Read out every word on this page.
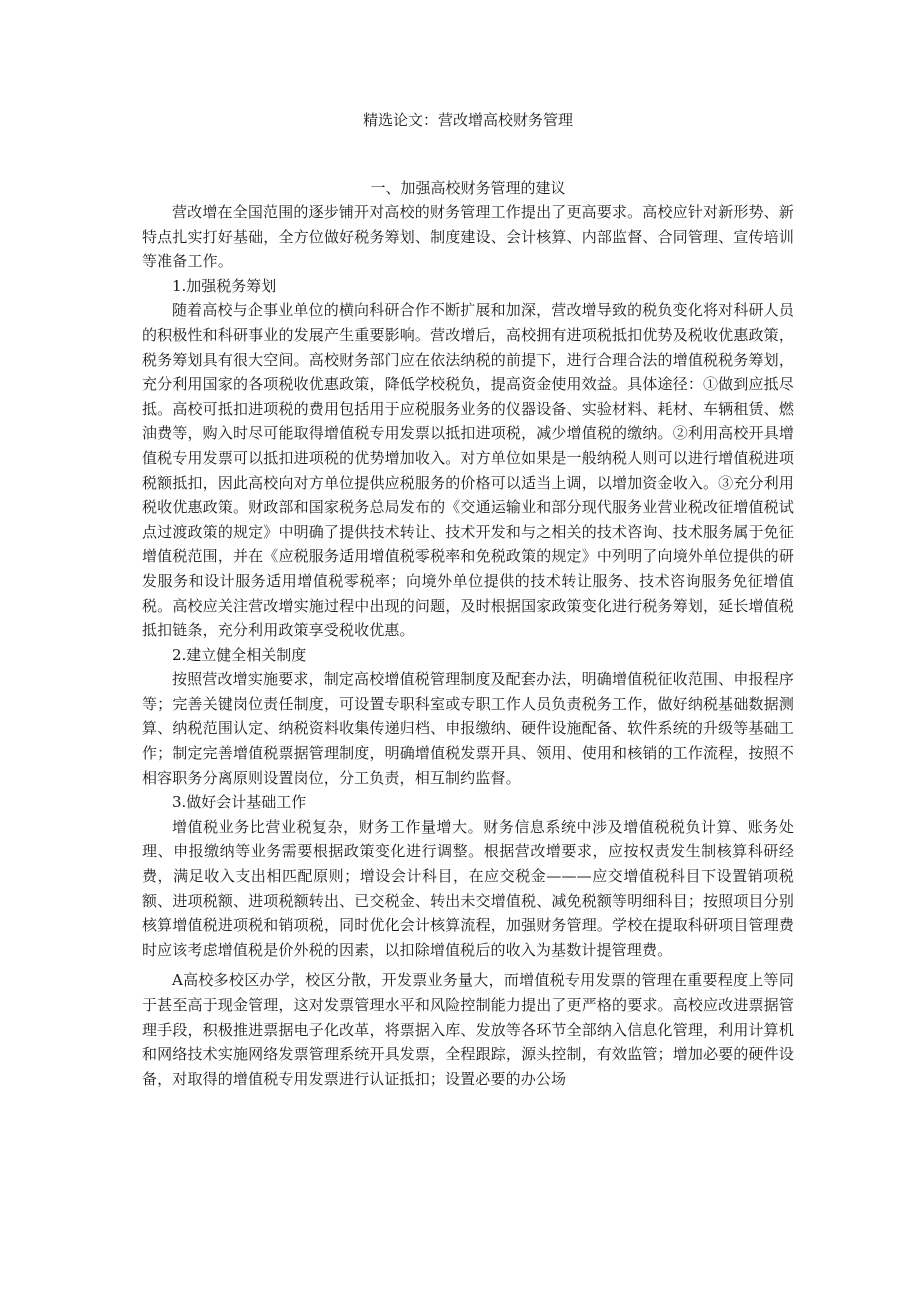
精选论文：营改增高校财务管理
一、加强高校财务管理的建议

营改增在全国范围的逐步铺开对高校的财务管理工作提出了更高要求。高校应针对新形势、新特点扎实打好基础，全方位做好税务筹划、制度建设、会计核算、内部监督、合同管理、宣传培训等准备工作。

1.加强税务筹划

随着高校与企事业单位的横向科研合作不断扩展和加深，营改增导致的税负变化将对科研人员的积极性和科研事业的发展产生重要影响。营改增后，高校拥有进项税抵扣优势及税收优惠政策，税务筹划具有很大空间。高校财务部门应在依法纳税的前提下，进行合理合法的增值税税务筹划，充分利用国家的各项税收优惠政策，降低学校税负，提高资金使用效益。具体途径：①做到应抵尽抵。高校可抵扣进项税的费用包括用于应税服务业务的仪器设备、实验材料、耗材、车辆租赁、燃油费等，购入时尽可能取得增值税专用发票以抵扣进项税，减少增值税的缴纳。②利用高校开具增值税专用发票可以抵扣进项税的优势增加收入。对方单位如果是一般纳税人则可以进行增值税进项税额抵扣，因此高校向对方单位提供应税服务的价格可以适当上调，以增加资金收入。③充分利用税收优惠政策。财政部和国家税务总局发布的《交通运输业和部分现代服务业营业税改征增值税试点过渡政策的规定》中明确了提供技术转让、技术开发和与之相关的技术咨询、技术服务属于免征增值税范围，并在《应税服务适用增值税零税率和免税政策的规定》中列明了向境外单位提供的研发服务和设计服务适用增值税零税率；向境外单位提供的技术转让服务、技术咨询服务免征增值税。高校应关注营改增实施过程中出现的问题，及时根据国家政策变化进行税务筹划，延长增值税抵扣链条，充分利用政策享受税收优惠。

2.建立健全相关制度

按照营改增实施要求，制定高校增值税管理制度及配套办法，明确增值税征收范围、申报程序等；完善关键岗位责任制度，可设置专职科室或专职工作人员负责税务工作，做好纳税基础数据测算、纳税范围认定、纳税资料收集传递归档、申报缴纳、硬件设施配备、软件系统的升级等基础工作；制定完善增值税票据管理制度，明确增值税发票开具、领用、使用和核销的工作流程，按照不相容职务分离原则设置岗位，分工负责，相互制约监督。

3.做好会计基础工作

增值税业务比营业税复杂，财务工作量增大。财务信息系统中涉及增值税税负计算、账务处理、申报缴纳等业务需要根据政策变化进行调整。根据营改增要求，应按权责发生制核算科研经费，满足收入支出相匹配原则；增设会计科目，在应交税金———应交增值税科目下设置销项税额、进项税额、进项税额转出、已交税金、转出未交增值税、减免税额等明细科目；按照项目分别核算增值税进项税和销项税，同时优化会计核算流程，加强财务管理。学校在提取科研项目管理费时应该考虑增值税是价外税的因素，以扣除增值税后的收入为基数计提管理费。

A高校多校区办学，校区分散，开发票业务量大，而增值税专用发票的管理在重要程度上等同于甚至高于现金管理，这对发票管理水平和风险控制能力提出了更严格的要求。高校应改进票据管理手段，积极推进票据电子化改革，将票据入库、发放等各环节全部纳入信息化管理，利用计算机和网络技术实施网络发票管理系统开具发票，全程跟踪，源头控制，有效监管；增加必要的硬件设备，对取得的增值税专用发票进行认证抵扣；设置必要的办公场
